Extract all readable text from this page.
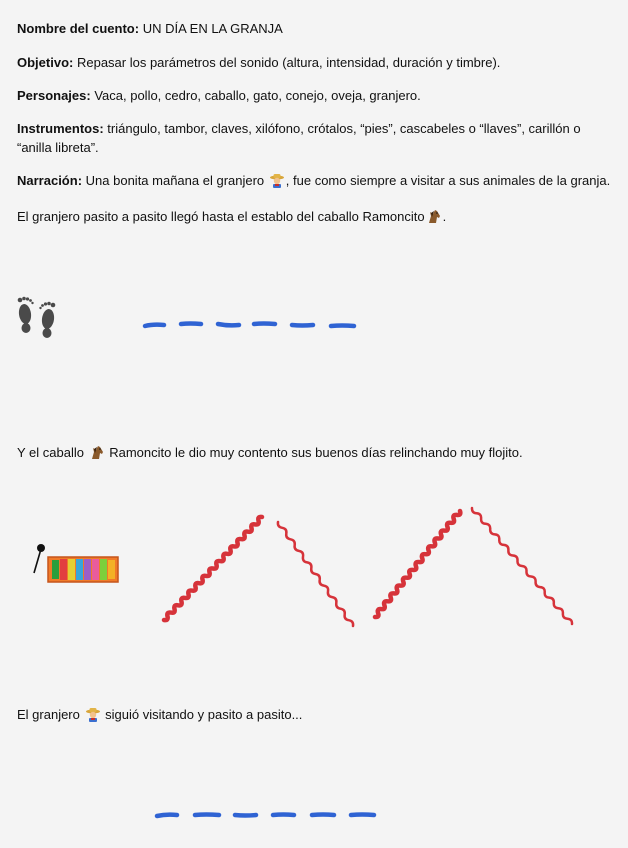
Nombre del cuento: UN DÍA EN LA GRANJA

Objetivo: Repasar los parámetros del sonido (altura, intensidad, duración y timbre).

Personajes: Vaca, pollo, cedro, caballo, gato, conejo, oveja, granjero.

Instrumentos: triángulo, tambor, claves, xilófono, crótalos, “pies”, cascabeles o “llaves”, carillón o “anilla libreta”.

Narración: Una bonita mañana el granjero , fue como siempre a visitar a sus animales de la granja.

El granjero pasito a pasito llegó hasta el establo del caballo Ramoncito .

Y el caballo Ramoncito le dio muy contento sus buenos días relinchando muy flojito.

El granjero siguió visitando y pasito a pasito...
